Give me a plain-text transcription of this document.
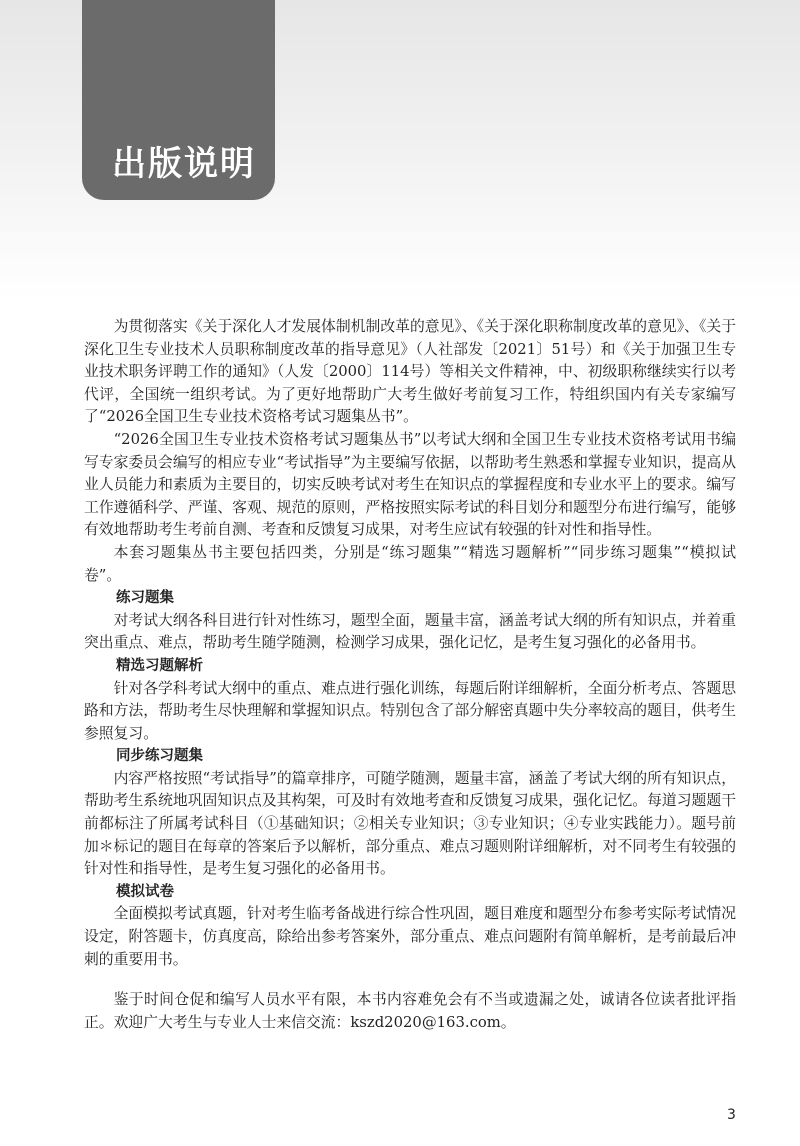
出版说明

为贯彻落实《关于深化人才发展体制机制改革的意见》、《关于深化职称制度改革的意见》、《关于深化卫生专业技术人员职称制度改革的指导意见》（人社部发〔2021〕51号）和《关于加强卫生专业技术职务评聘工作的通知》（人发〔2000〕114号）等相关文件精神，中、初级职称继续实行以考代评，全国统一组织考试。为了更好地帮助广大考生做好考前复习工作，特组织国内有关专家编写了“2026全国卫生专业技术资格考试习题集丛书”。

“2026全国卫生专业技术资格考试习题集丛书”以考试大纲和全国卫生专业技术资格考试用书编写专家委员会编写的相应专业“考试指导”为主要编写依据，以帮助考生熟悉和掌握专业知识，提高从业人员能力和素质为主要目的，切实反映考试对考生在知识点的掌握程度和专业水平上的要求。编写工作遵循科学、严谨、客观、规范的原则，严格按照实际考试的科目划分和题型分布进行编写，能够有效地帮助考生考前自测、考查和反馈复习成果，对考生应试有较强的针对性和指导性。

本套习题集丛书主要包括四类，分别是“练习题集”“精选习题解析”“同步练习题集”“模拟试卷”。

练习题集

对考试大纲各科目进行针对性练习，题型全面，题量丰富，涵盖考试大纲的所有知识点，并着重突出重点、难点，帮助考生随学随测，检测学习成果，强化记忆，是考生复习强化的必备用书。

精选习题解析

针对各学科考试大纲中的重点、难点进行强化训练，每题后附详细解析，全面分析考点、答题思路和方法，帮助考生尽快理解和掌握知识点。特别包含了部分解密真题中失分率较高的题目，供考生参照复习。

同步练习题集

内容严格按照“考试指导”的篇章排序，可随学随测，题量丰富，涵盖了考试大纲的所有知识点，帮助考生系统地巩固知识点及其构架，可及时有效地考查和反馈复习成果，强化记忆。每道习题题干前都标注了所属考试科目（①基础知识；②相关专业知识；③专业知识；④专业实践能力）。题号前加＊标记的题目在每章的答案后予以解析，部分重点、难点习题则附详细解析，对不同考生有较强的针对性和指导性，是考生复习强化的必备用书。

模拟试卷

全面模拟考试真题，针对考生临考备战进行综合性巩固，题目难度和题型分布参考实际考试情况设定，附答题卡，仿真度高，除给出参考答案外，部分重点、难点问题附有简单解析，是考前最后冲刺的重要用书。

鉴于时间仓促和编写人员水平有限，本书内容难免会有不当或遗漏之处，诚请各位读者批评指正。欢迎广大考生与专业人士来信交流：kszd2020@163.com。

3
